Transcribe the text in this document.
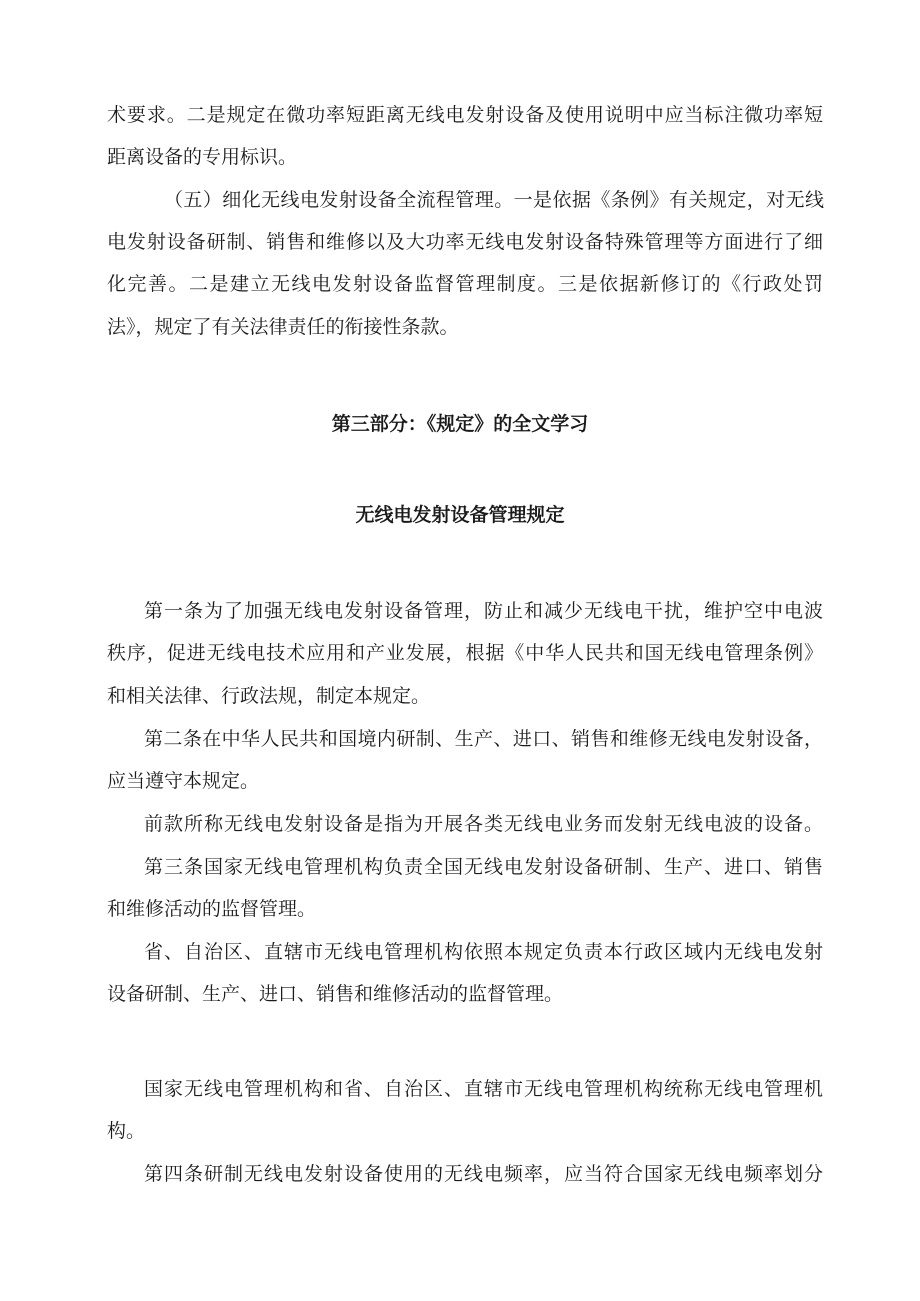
术要求。二是规定在微功率短距离无线电发射设备及使用说明中应当标注微功率短
距离设备的专用标识。
（五）细化无线电发射设备全流程管理。一是依据《条例》有关规定，对无线
电发射设备研制、销售和维修以及大功率无线电发射设备特殊管理等方面进行了细
化完善。二是建立无线电发射设备监督管理制度。三是依据新修订的《行政处罚
法》，规定了有关法律责任的衔接性条款。
第三部分：《规定》的全文学习
无线电发射设备管理规定
第一条为了加强无线电发射设备管理，防止和减少无线电干扰，维护空中电波
秩序，促进无线电技术应用和产业发展，根据《中华人民共和国无线电管理条例》
和相关法律、行政法规，制定本规定。
第二条在中华人民共和国境内研制、生产、进口、销售和维修无线电发射设备，
应当遵守本规定。
前款所称无线电发射设备是指为开展各类无线电业务而发射无线电波的设备。
第三条国家无线电管理机构负责全国无线电发射设备研制、生产、进口、销售
和维修活动的监督管理。
省、自治区、直辖市无线电管理机构依照本规定负责本行政区域内无线电发射
设备研制、生产、进口、销售和维修活动的监督管理。
国家无线电管理机构和省、自治区、直辖市无线电管理机构统称无线电管理机
构。
第四条研制无线电发射设备使用的无线电频率，应当符合国家无线电频率划分
